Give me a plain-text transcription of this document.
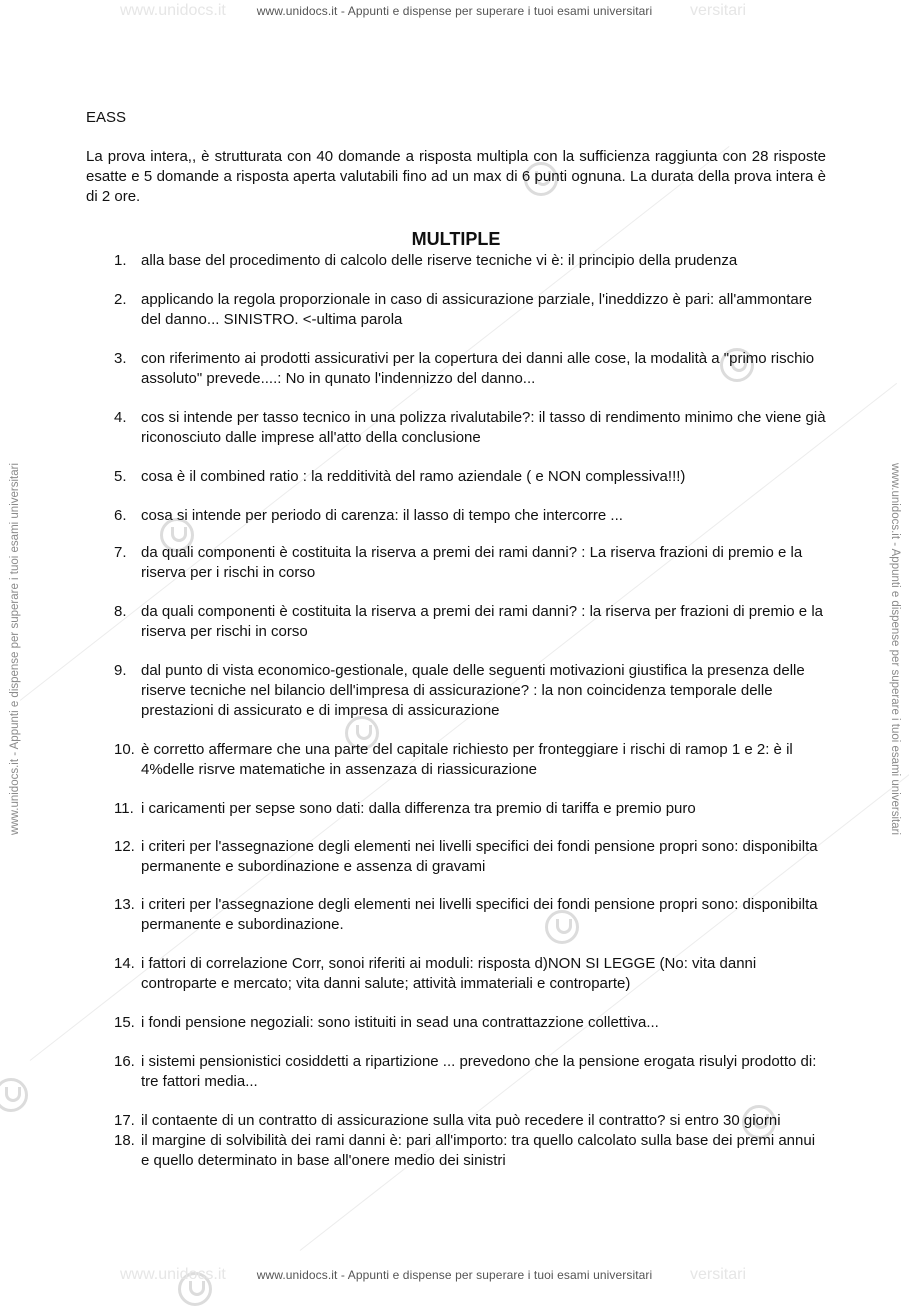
www.unidocs.it	versitari
www.unidocs.it	versitari
www.unidocs.it - Appunti e dispense per superare i tuoi esami universitari
www.unidocs.it - Appunti e dispense per superare i tuoi esami universitari
www.unidocs.it - Appunti e dispense per superare i tuoi esami universitari	www.unidocs.it - Appunti e dispense per superare i tuoi esami universitari

EASS

La prova intera,, è strutturata con 40 domande a risposta multipla con la sufficienza raggiunta con 28 risposte esatte e 5 domande a risposta aperta valutabili fino ad un max di 6 punti ognuna. La durata della prova intera è di 2 ore.

MULTIPLE
1. alla base del procedimento di calcolo delle riserve tecniche vi è: il principio della prudenza
2. applicando la regola proporzionale in caso di assicurazione parziale, l'ineddizzo è pari: all'ammontare del danno... SINISTRO. <-ultima parola
3. con riferimento ai prodotti assicurativi per la copertura dei danni alle cose, la modalità a "primo rischio assoluto" prevede....: No in qunato l'indennizzo del danno...
4. cos si intende per tasso tecnico in una polizza rivalutabile?: il tasso di rendimento minimo che viene già riconosciuto dalle imprese all'atto della conclusione
5. cosa è il combined ratio : la redditività del ramo aziendale ( e NON complessiva!!!)
6. cosa si intende per periodo di carenza: il lasso di tempo che intercorre ...
7. da quali componenti è costituita la riserva a premi dei rami danni? : La riserva frazioni di premio e la riserva per i rischi in corso
8. da quali componenti è costituita la riserva a premi dei rami danni? : la riserva per frazioni di premio e la riserva per rischi in corso
9. dal punto di vista economico-gestionale, quale delle seguenti motivazioni giustifica la presenza delle riserve tecniche nel bilancio dell'impresa di assicurazione? : la non coincidenza temporale delle prestazioni di assicurato e di impresa di assicurazione
10. è corretto affermare che una parte del capitale richiesto per fronteggiare i rischi di ramop 1 e 2: è il 4%delle risrve matematiche in assenzaza di riassicurazione
11. i caricamenti per sepse sono dati: dalla differenza tra premio di tariffa e premio puro
12. i criteri per l'assegnazione degli elementi nei livelli specifici dei fondi pensione propri sono: disponibilta permanente e subordinazione e assenza di gravami
13. i criteri per l'assegnazione degli elementi nei livelli specifici dei fondi pensione propri sono: disponibilta permanente e subordinazione.
14. i fattori di correlazione Corr, sonoi riferiti ai moduli: risposta d)NON SI LEGGE (No: vita danni controparte e mercato; vita danni salute; attività immateriali e controparte)
15. i fondi pensione negoziali: sono istituiti in sead una contrattazzione collettiva...
16. i sistemi pensionistici cosiddetti a ripartizione ... prevedono che la pensione erogata risulyi prodotto di: tre fattori media...
17. il contaente di un contratto di assicurazione sulla vita può recedere il contratto? si entro 30 giorni
18. il margine di solvibilità dei rami danni è: pari all'importo: tra quello calcolato sulla base dei premi annui e quello determinato in base all'onere medio dei sinistri
